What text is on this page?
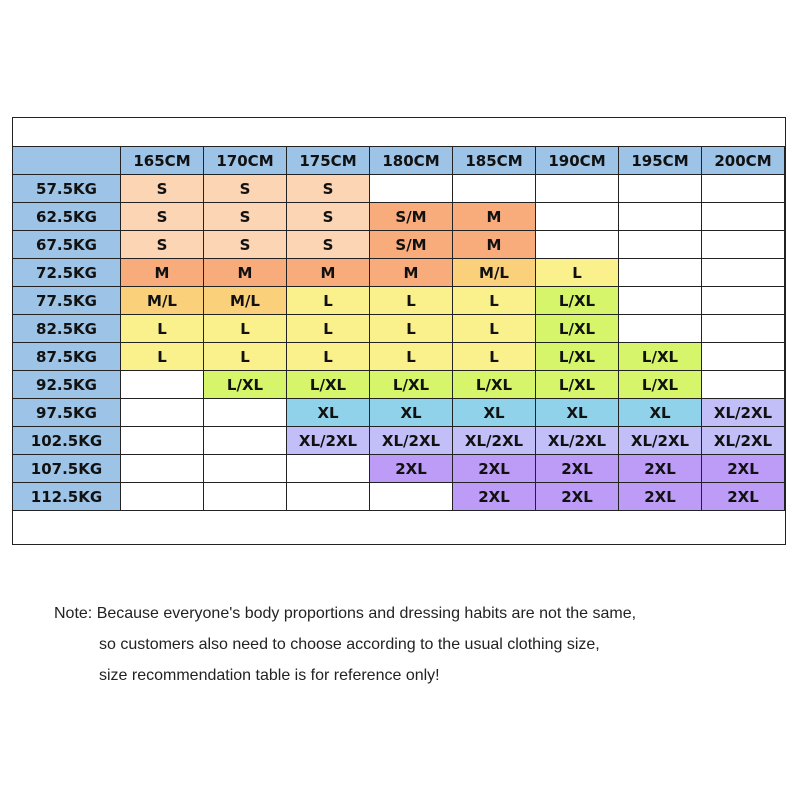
	165CM	170CM	175CM	180CM	185CM	190CM	195CM	200CM
57.5KG	S	S	S					
62.5KG	S	S	S	S/M	M			
67.5KG	S	S	S	S/M	M			
72.5KG	M	M	M	M	M/L	L		
77.5KG	M/L	M/L	L	L	L	L/XL		
82.5KG	L	L	L	L	L	L/XL		
87.5KG	L	L	L	L	L	L/XL	L/XL	
92.5KG		L/XL	L/XL	L/XL	L/XL	L/XL	L/XL	
97.5KG			XL	XL	XL	XL	XL	XL/2XL
102.5KG			XL/2XL	XL/2XL	XL/2XL	XL/2XL	XL/2XL	XL/2XL
107.5KG				2XL	2XL	2XL	2XL	2XL
112.5KG					2XL	2XL	2XL	2XL
Note: Because everyone's body proportions and dressing habits are not the same,
so customers also need to choose according to the usual clothing size,
size recommendation table is for reference only!
